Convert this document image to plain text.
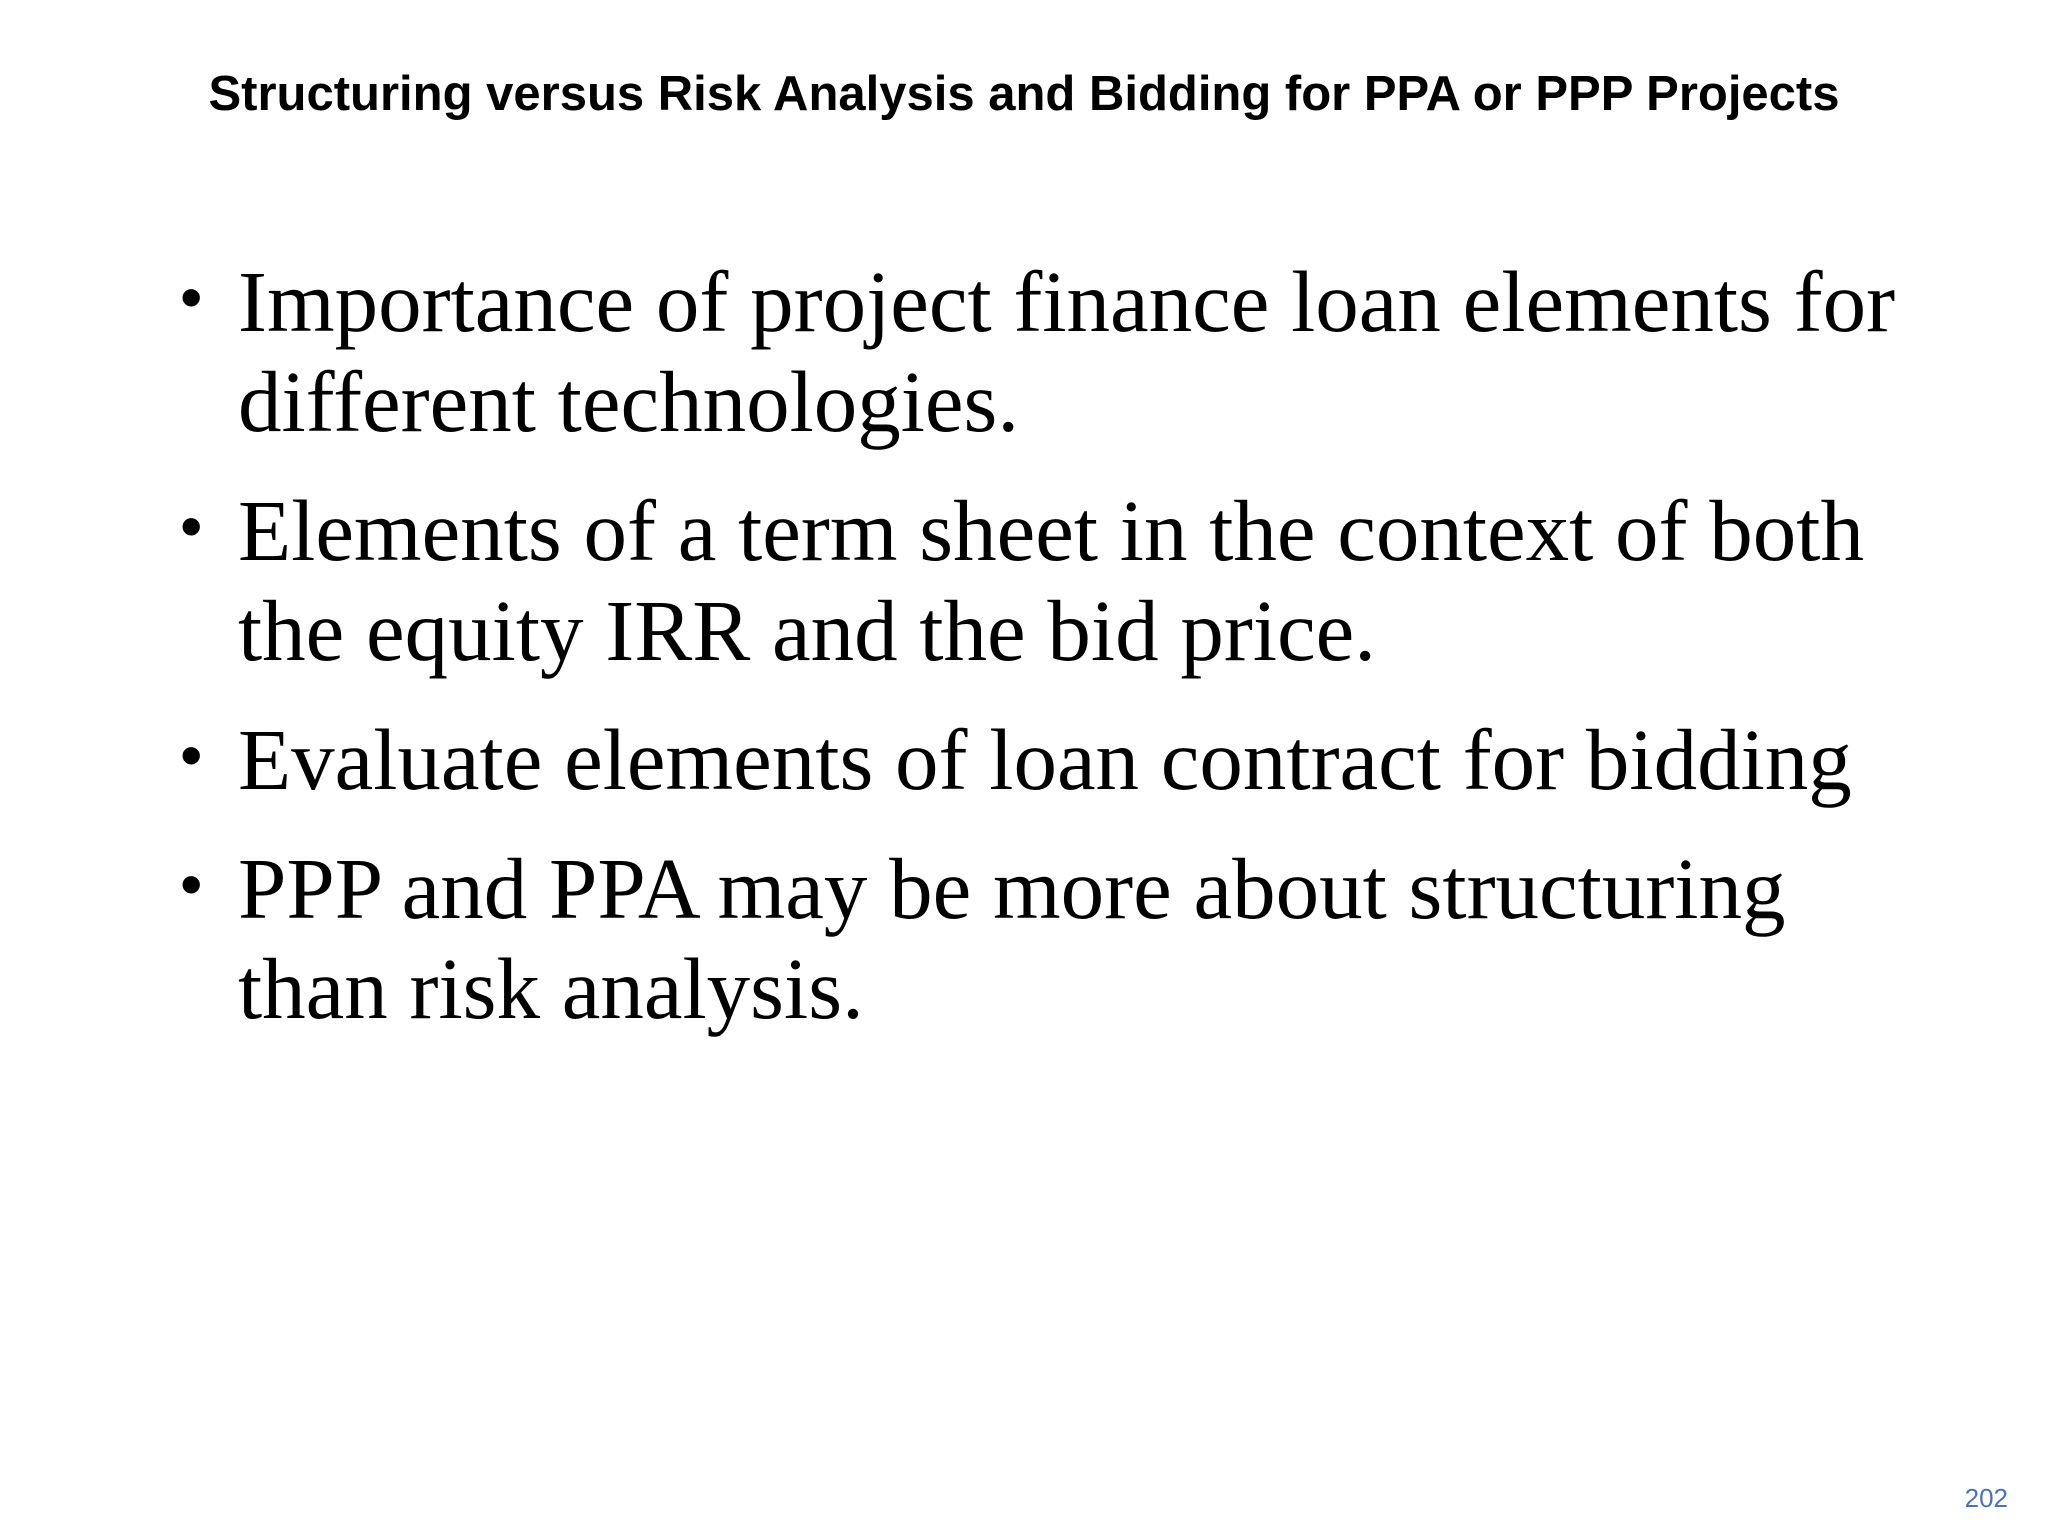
Structuring versus Risk Analysis and Bidding for PPA or PPP Projects
• Importance of project finance loan elements for different technologies.
• Elements of a term sheet in the context of both the equity IRR and the bid price.
• Evaluate elements of loan contract for bidding
• PPP and PPA may be more about structuring than risk analysis.
202
